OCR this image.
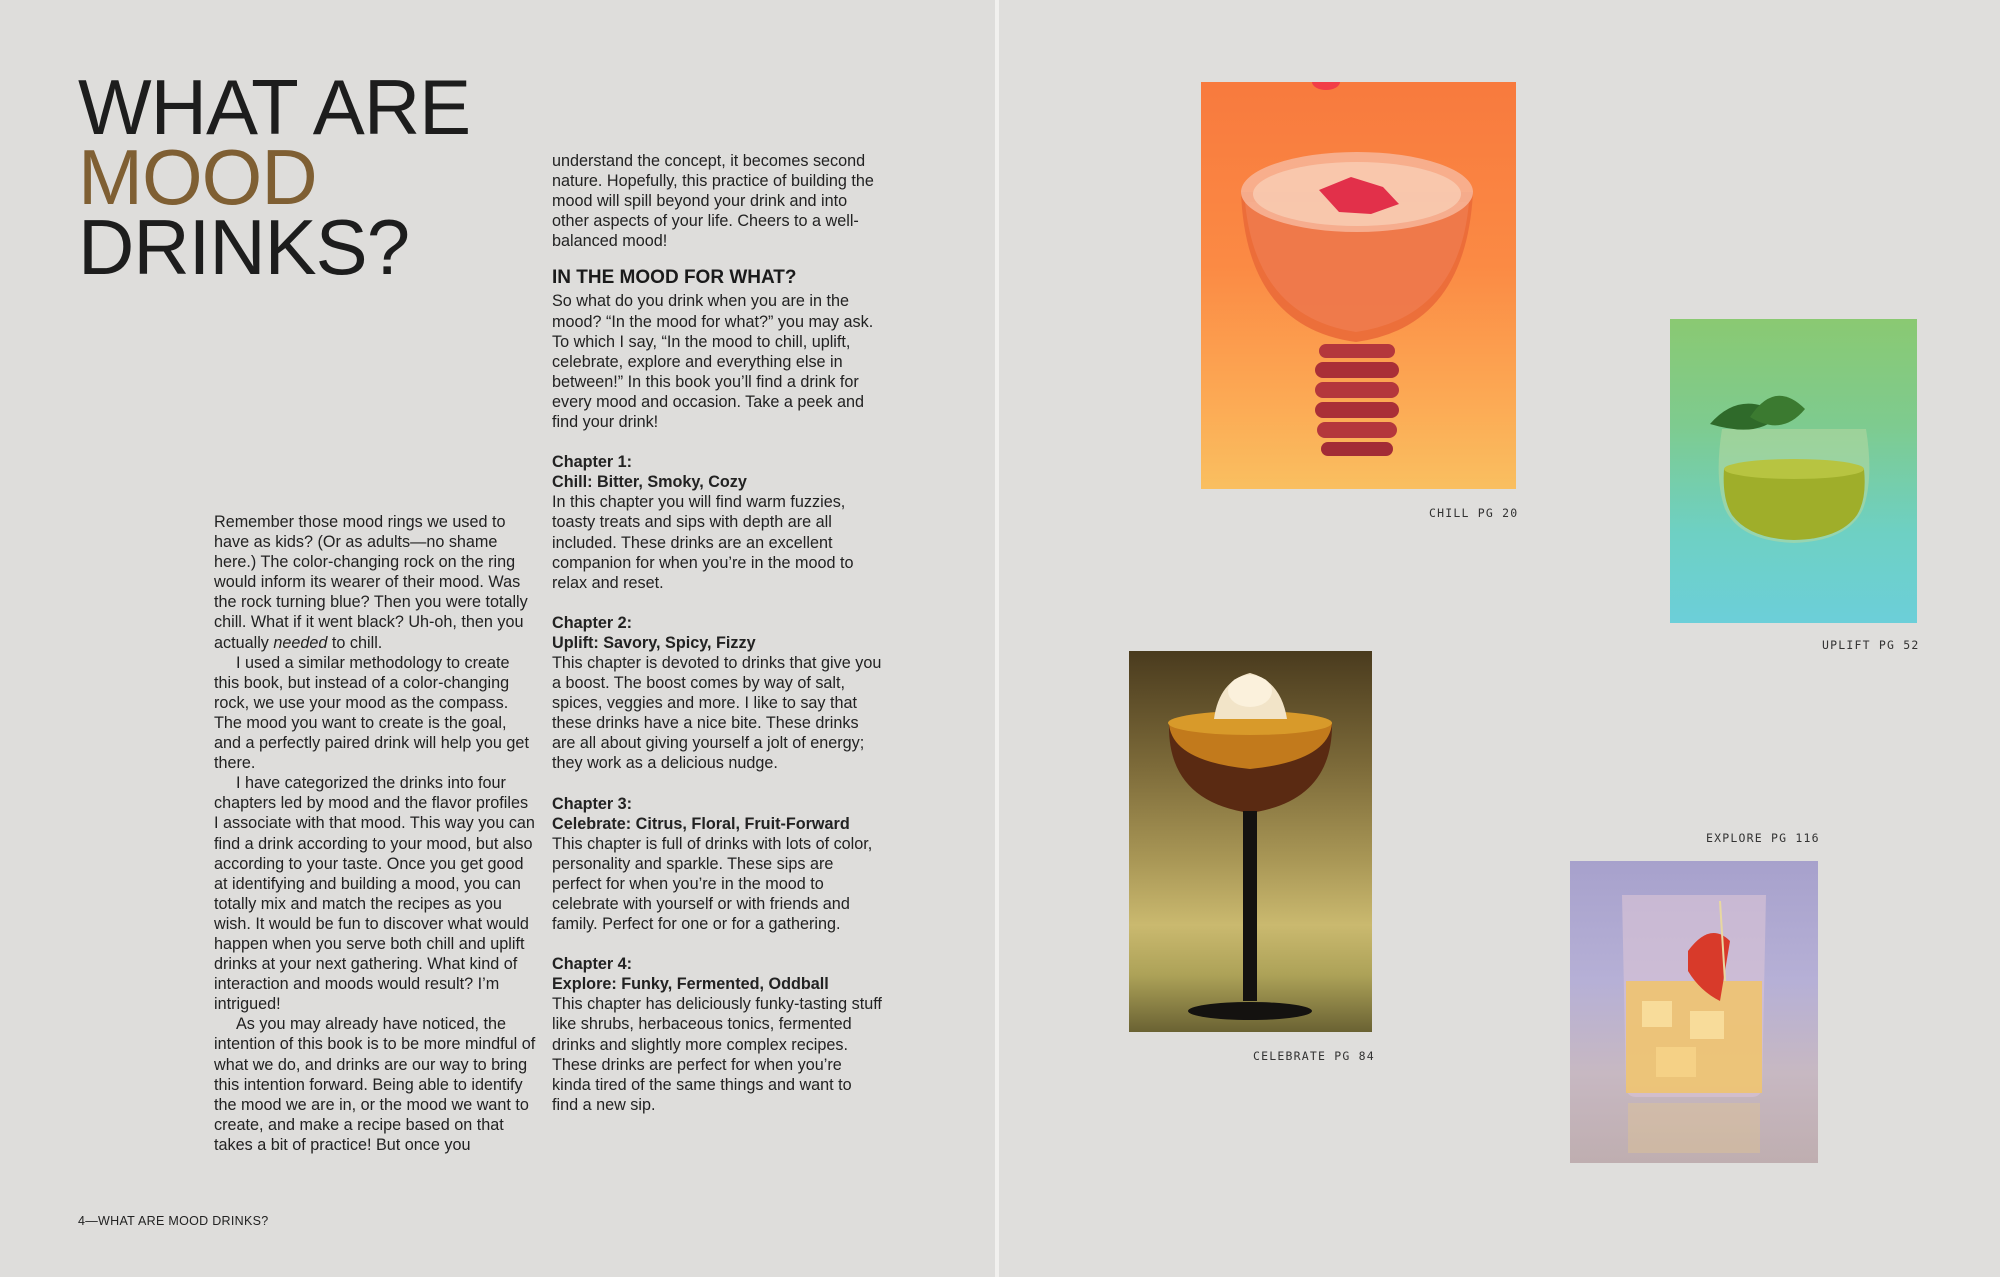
WHAT ARE
MOOD
DRINKS?

Remember those mood rings we used to have as kids? (Or as adults—no shame here.) The color-changing rock on the ring would inform its wearer of their mood. Was the rock turning blue? Then you were totally chill. What if it went black? Uh-oh, then you actually needed to chill.

I used a similar methodology to create this book, but instead of a color-changing rock, we use your mood as the compass. The mood you want to create is the goal, and a perfectly paired drink will help you get there.

I have categorized the drinks into four chapters led by mood and the flavor profiles I associate with that mood. This way you can find a drink according to your mood, but also according to your taste. Once you get good at identifying and building a mood, you can totally mix and match the recipes as you wish. It would be fun to discover what would happen when you serve both chill and uplift drinks at your next gathering. What kind of interaction and moods would result? I’m intrigued!

As you may already have noticed, the intention of this book is to be more mindful of what we do, and drinks are our way to bring this intention forward. Being able to identify the mood we are in, or the mood we want to create, and make a recipe based on that takes a bit of practice! But once you

understand the concept, it becomes second nature. Hopefully, this practice of building the mood will spill beyond your drink and into other aspects of your life. Cheers to a well-balanced mood!

IN THE MOOD FOR WHAT?

So what do you drink when you are in the mood? “In the mood for what?” you may ask. To which I say, “In the mood to chill, uplift, celebrate, explore and everything else in between!” In this book you’ll find a drink for every mood and occasion. Take a peek and find your drink!

Chapter 1:
Chill: Bitter, Smoky, Cozy

In this chapter you will find warm fuzzies, toasty treats and sips with depth are all included. These drinks are an excellent companion for when you’re in the mood to relax and reset.

Chapter 2:
Uplift: Savory, Spicy, Fizzy

This chapter is devoted to drinks that give you a boost. The boost comes by way of salt, spices, veggies and more. I like to say that these drinks have a nice bite. These drinks are all about giving yourself a jolt of energy; they work as a delicious nudge.

Chapter 3:
Celebrate: Citrus, Floral, Fruit-Forward

This chapter is full of drinks with lots of color, personality and sparkle. These sips are perfect for when you’re in the mood to celebrate with yourself or with friends and family. Perfect for one or for a gathering.

Chapter 4:
Explore: Funky, Fermented, Oddball

This chapter has deliciously funky-tasting stuff like shrubs, herbaceous tonics, fermented drinks and slightly more complex recipes. These drinks are perfect for when you’re kinda tired of the same things and want to find a new sip.

4—WHAT ARE MOOD DRINKS?
CHILL PG 20
UPLIFT PG 52
CELEBRATE PG 84
EXPLORE PG 116
